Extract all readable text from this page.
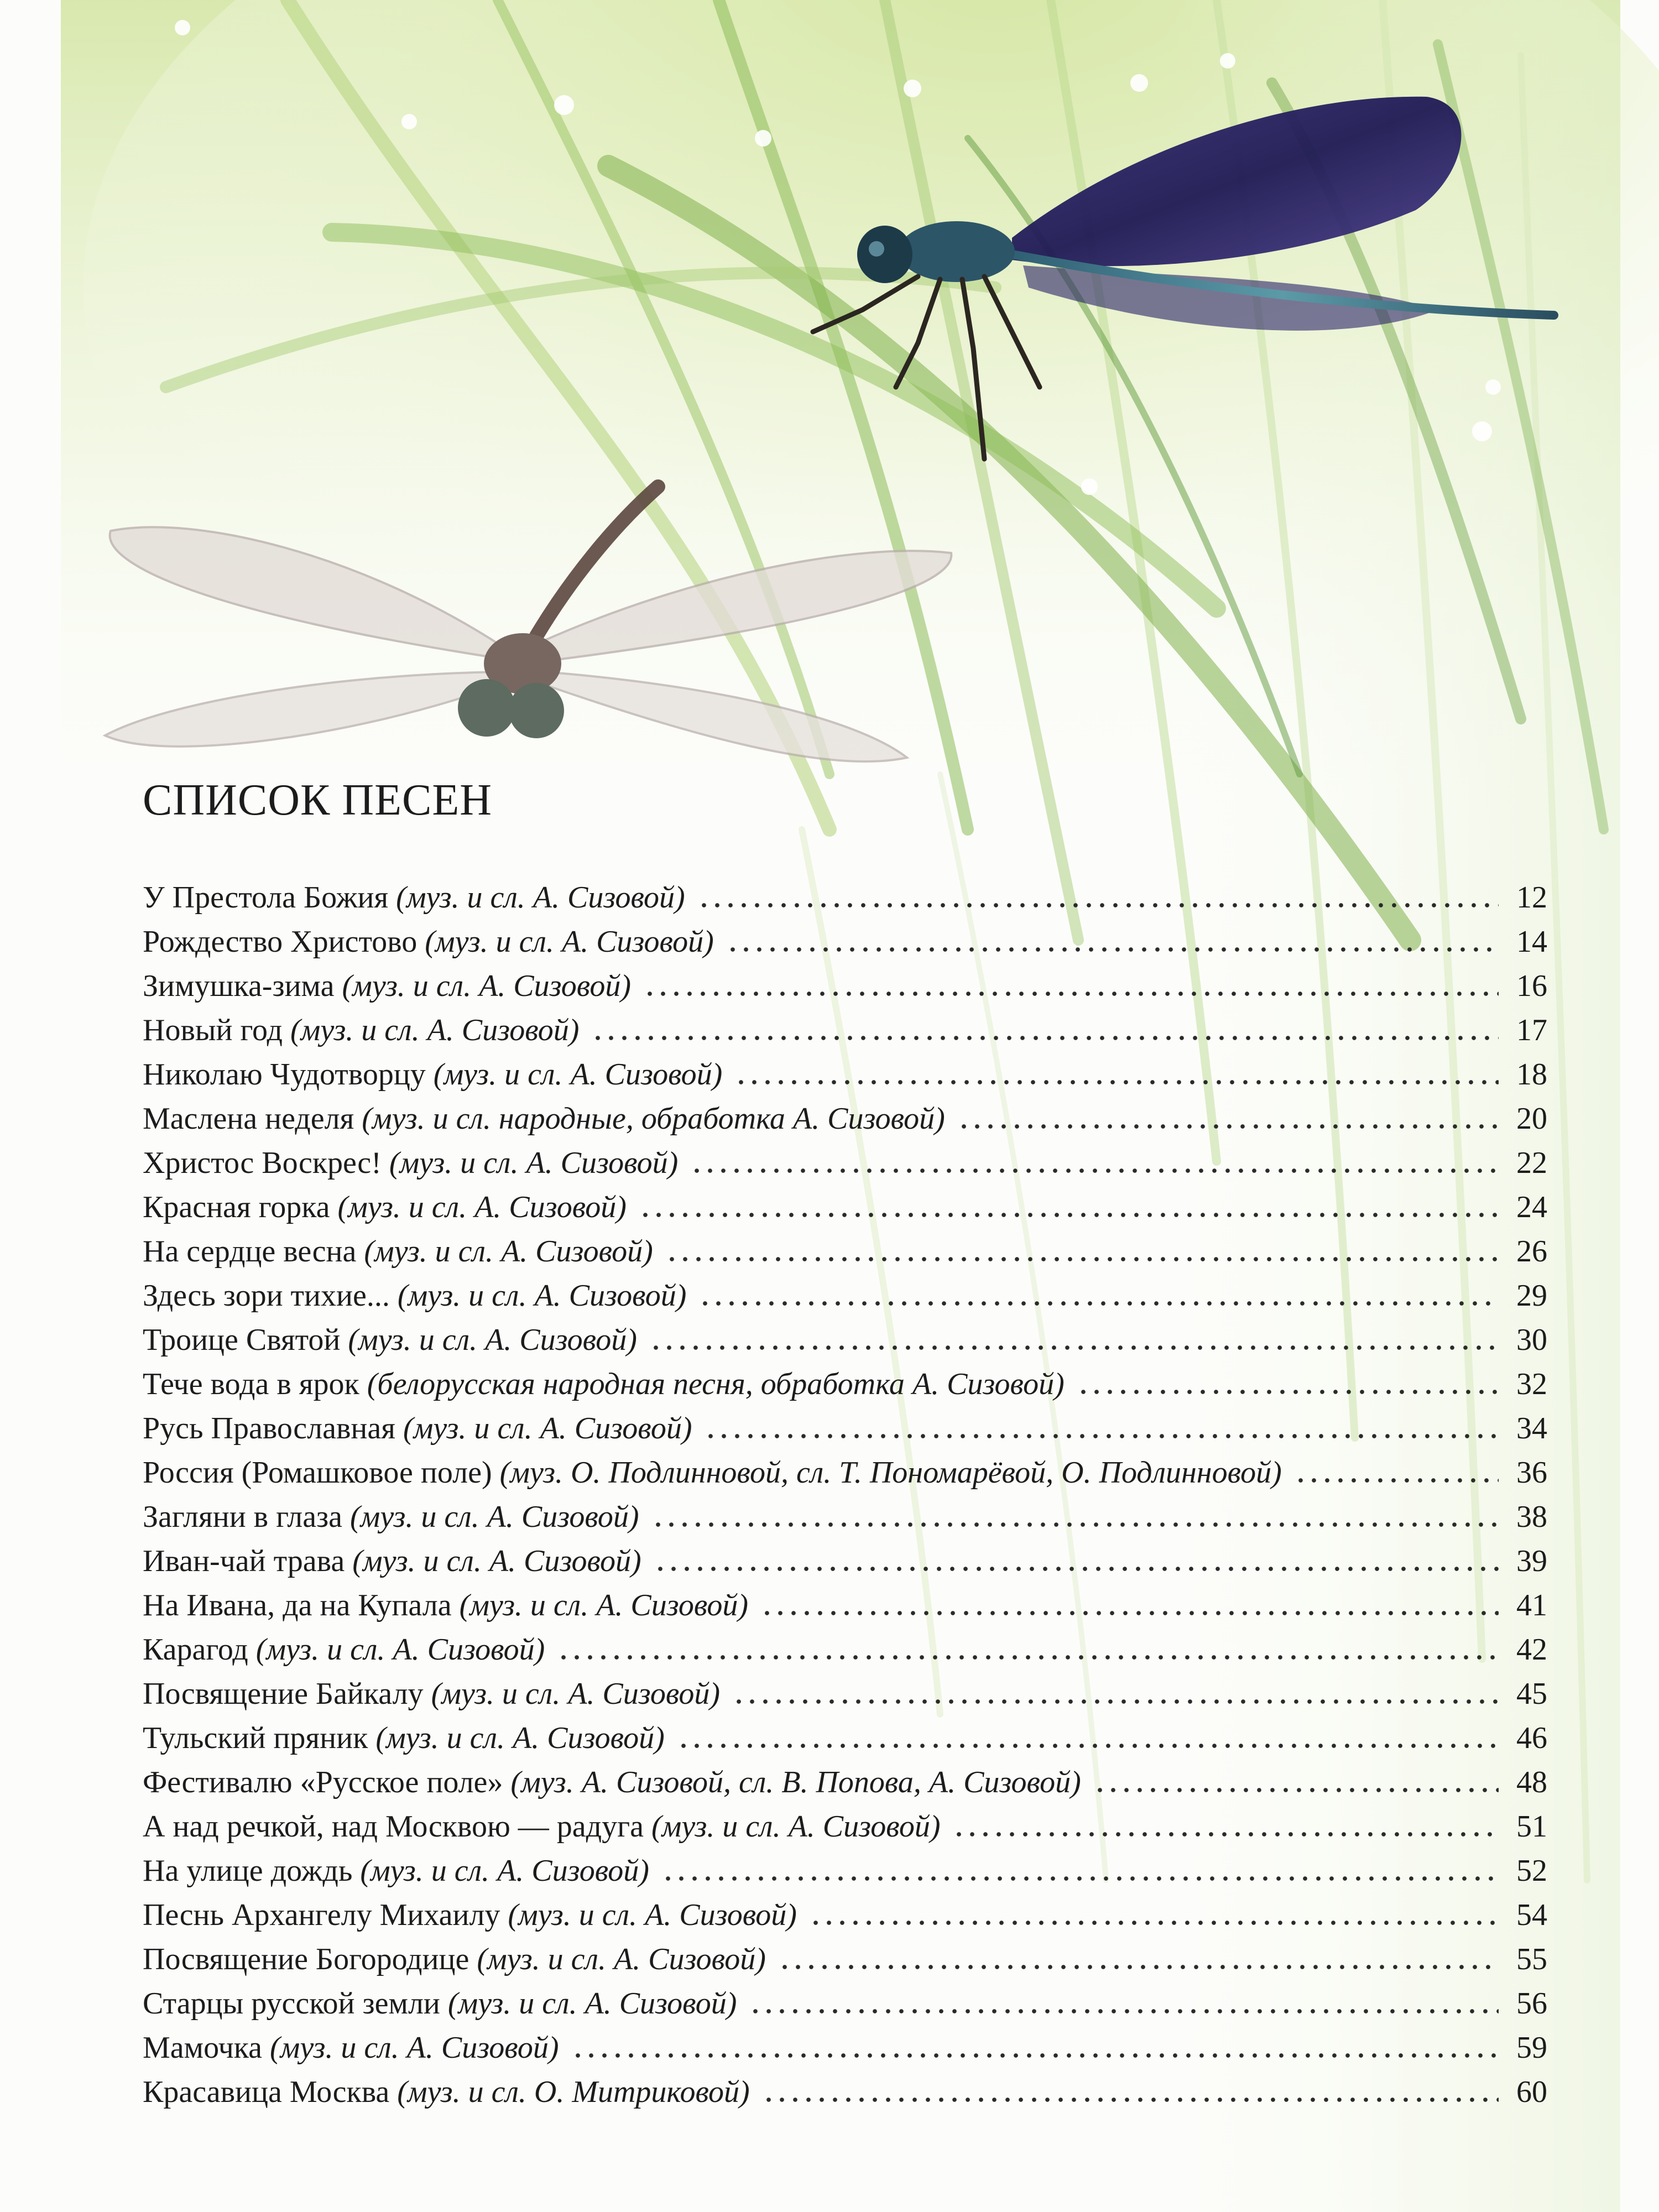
СПИСОК ПЕСЕН
У Престола Божия (муз. и сл. А. Сизовой)	12
Рождество Христово (муз. и сл. А. Сизовой)	14
Зимушка-зима (муз. и сл. А. Сизовой)	16
Новый год (муз. и сл. А. Сизовой)	17
Николаю Чудотворцу (муз. и сл. А. Сизовой)	18
Маслена неделя (муз. и сл. народные, обработка А. Сизовой)	20
Христос Воскрес! (муз. и сл. А. Сизовой)	22
Красная горка (муз. и сл. А. Сизовой)	24
На сердце весна (муз. и сл. А. Сизовой)	26
Здесь зори тихие... (муз. и сл. А. Сизовой)	29
Троице Святой (муз. и сл. А. Сизовой)	30
Тече вода в ярок (белорусская народная песня, обработка А. Сизовой)	32
Русь Православная (муз. и сл. А. Сизовой)	34
Россия (Ромашковое поле) (муз. О. Подлинновой, сл. Т. Пономарёвой, О. Подлинновой)	36
Загляни в глаза (муз. и сл. А. Сизовой)	38
Иван-чай трава (муз. и сл. А. Сизовой)	39
На Ивана, да на Купала (муз. и сл. А. Сизовой)	41
Карагод (муз. и сл. А. Сизовой)	42
Посвящение Байкалу (муз. и сл. А. Сизовой)	45
Тульский пряник (муз. и сл. А. Сизовой)	46
Фестивалю «Русское поле» (муз. А. Сизовой, сл. В. Попова, А. Сизовой)	48
А над речкой, над Москвою — радуга (муз. и сл. А. Сизовой)	51
На улице дождь (муз. и сл. А. Сизовой)	52
Песнь Архангелу Михаилу (муз. и сл. А. Сизовой)	54
Посвящение Богородице (муз. и сл. А. Сизовой)	55
Старцы русской земли (муз. и сл. А. Сизовой)	56
Мамочка (муз. и сл. А. Сизовой)	59
Красавица Москва (муз. и сл. О. Митриковой)	60
